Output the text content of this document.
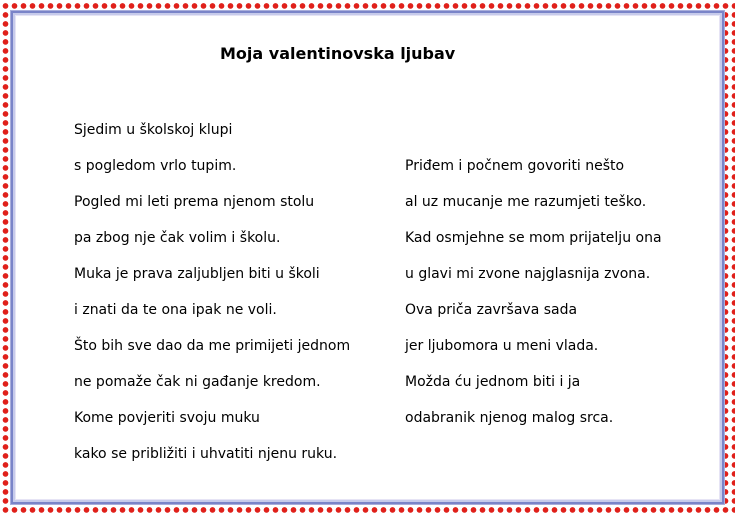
Moja valentinovska ljubav
Sjedim u školskoj klupi
s pogledom vrlo tupim.
Pogled mi leti prema njenom stolu
pa zbog nje čak volim i školu.
Muka je prava zaljubljen biti u školi
i znati da te ona ipak ne voli.
Što bih sve dao da me primijeti jednom
ne pomaže čak ni gađanje kredom.
Kome povjeriti svoju muku
kako se približiti i uhvatiti njenu ruku.
Priđem i počnem govoriti nešto
al uz mucanje me razumjeti teško.
Kad osmjehne se mom prijatelju ona
u glavi mi zvone najglasnija zvona.
Ova priča završava sada
jer ljubomora u meni vlada.
Možda ću jednom biti i ja
odabranik njenog malog srca.
